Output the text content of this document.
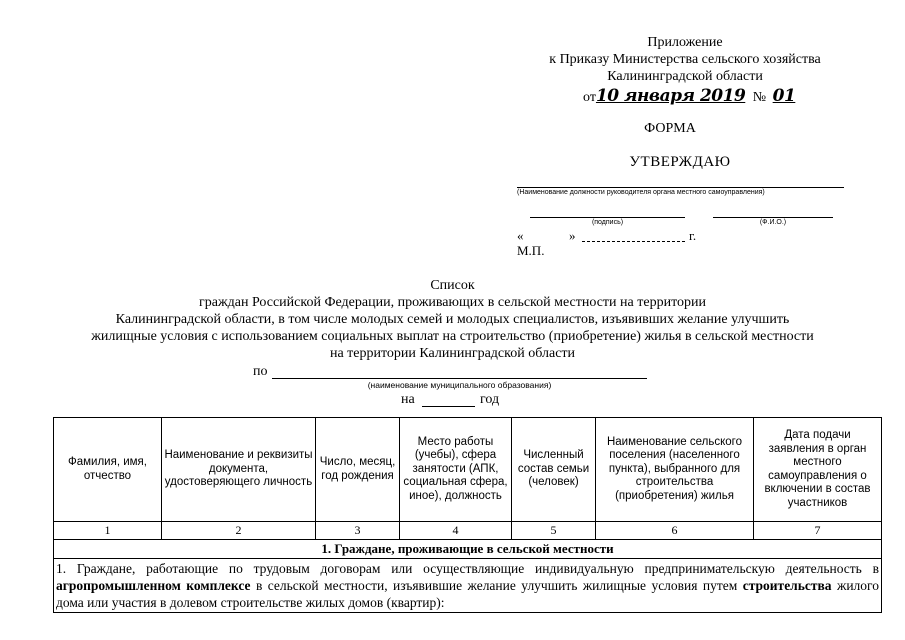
Приложение
к Приказу Министерства сельского хозяйства
Калининградской области
от10 января 2019 № 01
ФОРМА
УТВЕРЖДАЮ
(Наименование должности руководителя органа местного самоуправления)
(подпись)	(Ф.И.О.)
«	»	г.
М.П.
Список
граждан Российской Федерации, проживающих в сельской местности на территории
Калининградской области, в том числе молодых семей и молодых специалистов, изъявивших желание улучшить
жилищные условия с использованием социальных выплат на строительство (приобретение) жилья в сельской местности
на территории Калининградской области
по
(наименование муниципального образования)
на	год
Фамилия, имя, отчество	Наименование и реквизиты документа, удостоверяющего личность	Число, месяц, год рождения	Место работы (учебы), сфера занятости (АПК, социальная сфера, иное), должность	Численный состав семьи (человек)	Наименование сельского поселения (населенного пункта), выбранного для строительства (приобретения) жилья	Дата подачи заявления в орган местного самоуправления о включении в состав участников
1	2	3	4	5	6	7
1. Граждане, проживающие в сельской местности						
1. Граждане, работающие по трудовым договорам или осуществляющие индивидуальную предпринимательскую деятельность в агропромышленном комплексе в сельской местности, изъявившие желание улучшить жилищные условия путем строительства жилого дома или участия в долевом строительстве жилых домов (квартир):						
